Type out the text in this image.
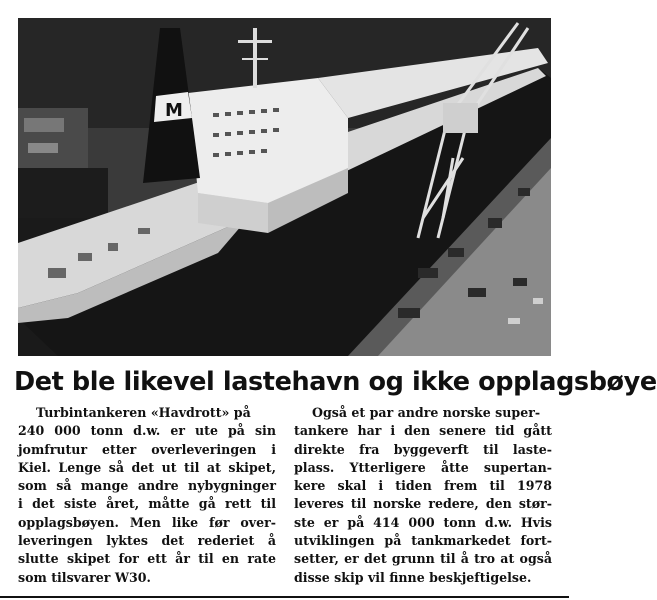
M
Det ble likevel lastehavn og ikke opplagsbøye
Turbintankeren «Havdrott» på
240 000 tonn d.w. er ute på sin
jomfrutur etter overleveringen i
Kiel. Lenge så det ut til at skipet,
som så mange andre nybygninger
i det siste året, måtte gå rett til
opplagsbøyen. Men like før over-
leveringen lyktes det rederiet å
slutte skipet for ett år til en rate
som tilsvarer W30.
Også et par andre norske super-
tankere har i den senere tid gått
direkte fra byggeverft til laste-
plass. Ytterligere åtte supertan-
kere skal i tiden frem til 1978
leveres til norske redere, den stør-
ste er på 414 000 tonn d.w. Hvis
utviklingen på tankmarkedet fort-
setter, er det grunn til å tro at også
disse skip vil finne beskjeftigelse.
